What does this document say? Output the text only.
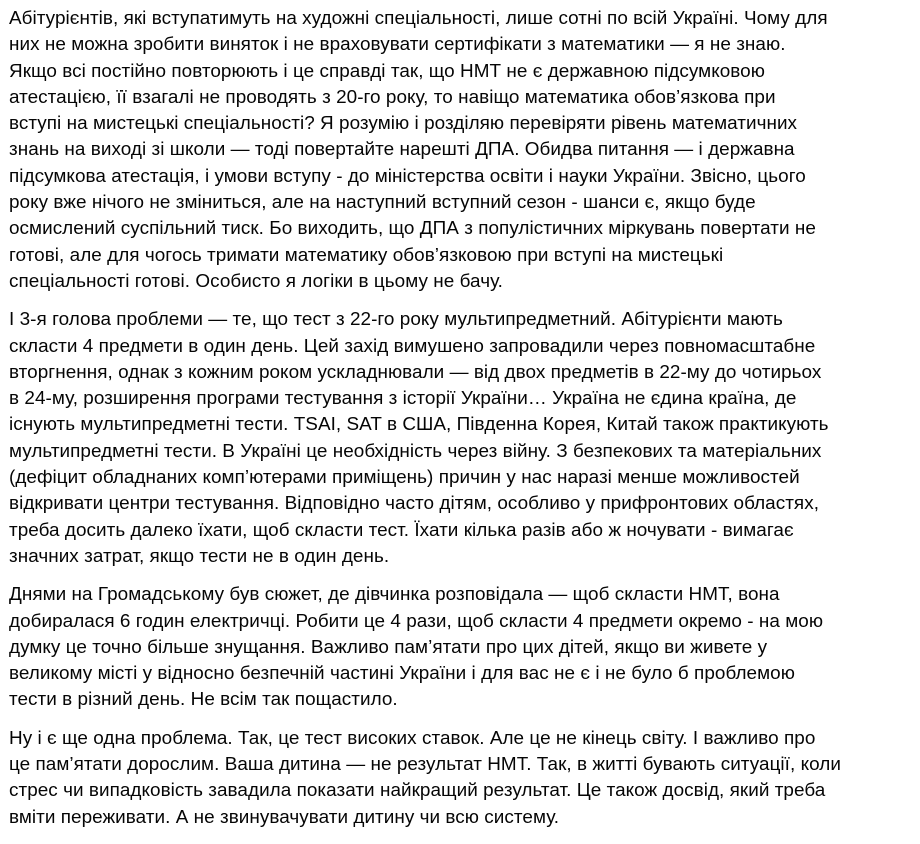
Абітурієнтів, які вступатимуть на художні спеціальності, лише сотні по всій Україні. Чому для

них не можна зробити виняток і не враховувати сертифікати з математики — я не знаю.

Якщо всі постійно повторюють і це справді так, що НМТ не є державною підсумковою

атестацією, її взагалі не проводять з 20-го року, то навіщо математика обов’язкова при

вступі на мистецькі спеціальності? Я розумію і розділяю перевіряти рівень математичних

знань на виході зі школи — тоді повертайте нарешті ДПА. Обидва питання — і державна

підсумкова атестація, і умови вступу - до міністерства освіти і науки України. Звісно, цього

року вже нічого не зміниться, але на наступний вступний сезон - шанси є, якщо буде

осмислений суспільний тиск. Бо виходить, що ДПА з популістичних міркувань повертати не

готові, але для чогось тримати математику обов’язковою при вступі на мистецькі

спеціальності готові. Особисто я логіки в цьому не бачу.

І 3-я голова проблеми — те, що тест з 22-го року мультипредметний. Абітурієнти мають

скласти 4 предмети в один день. Цей захід вимушено запровадили через повномасштабне

вторгнення, однак з кожним роком ускладнювали — від двох предметів в 22-му до чотирьох

в 24-му, розширення програми тестування з історії України… Україна не єдина країна, де

існують мультипредметні тести. TSAI, SAT в США, Південна Корея, Китай також практикують

мультипредметні тести. В Україні це необхідність через війну. З безпекових та матеріальних

(дефіцит обладнаних комп’ютерами приміщень) причин у нас наразі менше можливостей

відкривати центри тестування. Відповідно часто дітям, особливо у прифронтових областях,

треба досить далеко їхати, щоб скласти тест. Їхати кілька разів або ж ночувати - вимагає

значних затрат, якщо тести не в один день.

Днями на Громадському був сюжет, де дівчинка розповідала — щоб скласти НМТ, вона

добиралася 6 годин електричці. Робити це 4 рази, щоб скласти 4 предмети окремо - на мою

думку це точно більше знущання. Важливо пам’ятати про цих дітей, якщо ви живете у

великому місті у відносно безпечній частині України і для вас не є і не було б проблемою

тести в різний день. Не всім так пощастило.

Ну і є ще одна проблема. Так, це тест високих ставок. Але це не кінець світу. І важливо про

це пам’ятати дорослим. Ваша дитина — не результат НМТ. Так, в житті бувають ситуації, коли

стрес чи випадковість завадила показати найкращий результат. Це також досвід, який треба

вміти переживати. А не звинувачувати дитину чи всю систему.
